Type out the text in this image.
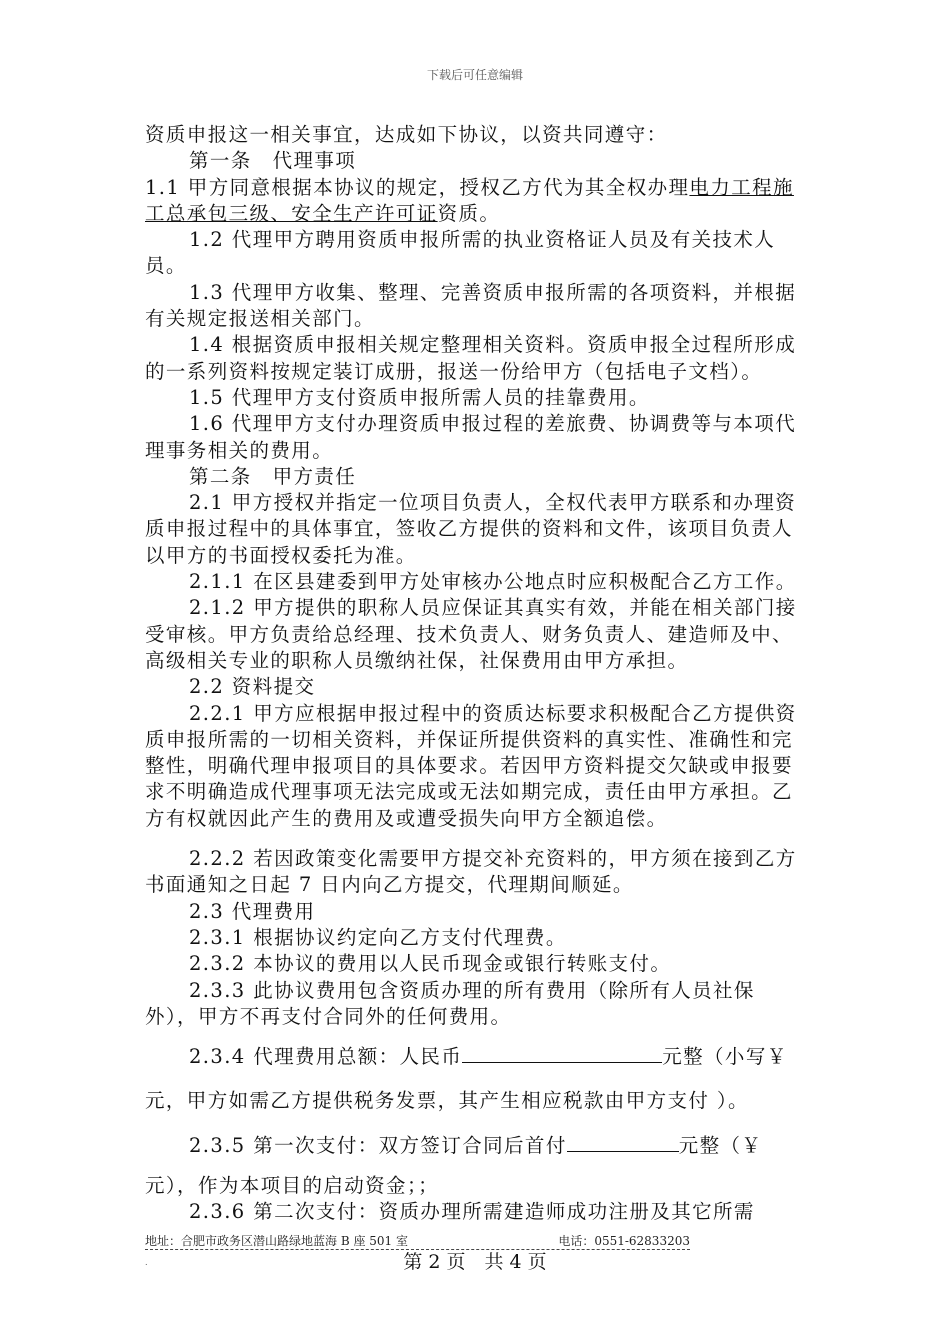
下载后可任意编辑

资质申报这一相关事宜，达成如下协议，以资共同遵守：

第一条　代理事项

1.1 甲方同意根据本协议的规定，授权乙方代为其全权办理电力工程施工总承包三级、安全生产许可证资质。

1.2 代理甲方聘用资质申报所需的执业资格证人员及有关技术人员。

1.3 代理甲方收集、整理、完善资质申报所需的各项资料，并根据有关规定报送相关部门。

1.4 根据资质申报相关规定整理相关资料。资质申报全过程所形成的一系列资料按规定装订成册，报送一份给甲方（包括电子文档）。

1.5 代理甲方支付资质申报所需人员的挂靠费用。

1.6 代理甲方支付办理资质申报过程的差旅费、协调费等与本项代理事务相关的费用。

第二条　甲方责任

2.1 甲方授权并指定一位项目负责人，全权代表甲方联系和办理资质申报过程中的具体事宜，签收乙方提供的资料和文件，该项目负责人以甲方的书面授权委托为准。

2.1.1 在区县建委到甲方处审核办公地点时应积极配合乙方工作。

2.1.2 甲方提供的职称人员应保证其真实有效，并能在相关部门接受审核。甲方负责给总经理、技术负责人、财务负责人、建造师及中、高级相关专业的职称人员缴纳社保，社保费用由甲方承担。

2.2 资料提交

2.2.1 甲方应根据申报过程中的资质达标要求积极配合乙方提供资质申报所需的一切相关资料，并保证所提供资料的真实性、准确性和完整性，明确代理申报项目的具体要求。若因甲方资料提交欠缺或申报要求不明确造成代理事项无法完成或无法如期完成，责任由甲方承担。乙方有权就因此产生的费用及或遭受损失向甲方全额追偿。

2.2.2 若因政策变化需要甲方提交补充资料的，甲方须在接到乙方书面通知之日起 7 日内向乙方提交，代理期间顺延。

2.3 代理费用

2.3.1 根据协议约定向乙方支付代理费。

2.3.2 本协议的费用以人民币现金或银行转账支付。

2.3.3 此协议费用包含资质办理的所有费用（除所有人员社保外），甲方不再支付合同外的任何费用。

2.3.4 代理费用总额：人民币	元整（小写￥

元，甲方如需乙方提供税务发票，其产生相应税款由甲方支付 ）。

2.3.5 第一次支付：双方签订合同后首付	元整（￥

元），作为本项目的启动资金；；

2.3.6 第二次支付：资质办理所需建造师成功注册及其它所需

地址：合肥市政务区潜山路绿地蓝海 B 座 501 室	电话：0551-62833203
.	第 2 页　共 4 页
